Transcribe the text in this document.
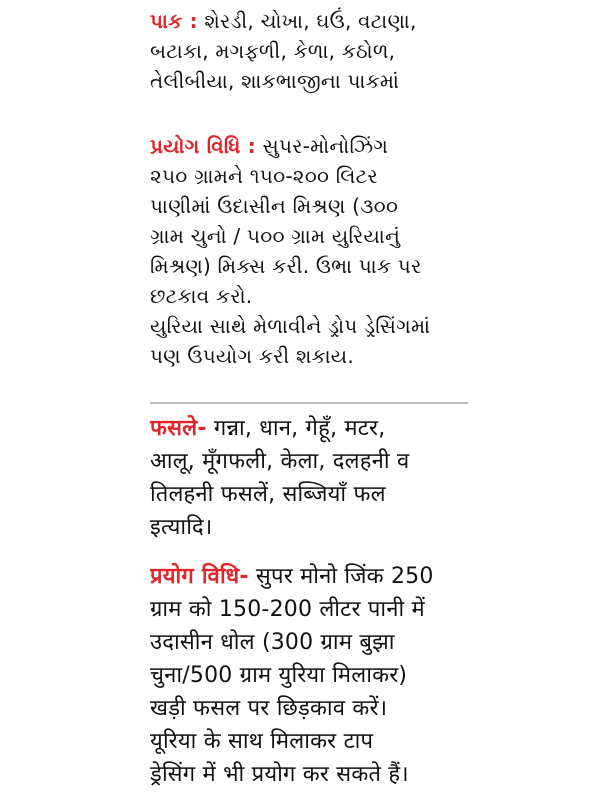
પાક : શેરડી, ચોખા, ઘઉં, વટાણા,
બટાકા, મગફળી, કેળા, કઠોળ,
તેલીબીયા, શાકભાજીના પાકમાં
પ્રયોગ વિધિ : સુપર-મોનોઝિંગ
૨૫૦ ગ્રામને ૧૫૦-૨૦૦ લિટર
પાણીમાં ઉદાસીન મિશ્રણ (૩૦૦
ગ્રામ ચુનો / ૫૦૦ ગ્રામ યુરિયાનું
મિશ્રણ) મિક્સ કરી. ઉભા પાક પર
છટકાવ કરો.
યુરિયા સાથે મેળાવીને ડ્રોપ ડ્રેસિંગમાં
પણ ઉપયોગ કરી શકાય.
फसले- गन्ना, धान, गेहूँ, मटर,
आलू, मूँगफली, केला, दलहनी व
तिलहनी फसलें, सब्जियाँ फल
इत्यादि।
प्रयोग विधि- सुपर मोनो जिंक 250
ग्राम को 150-200 लीटर पानी में
उदासीन धोल (300 ग्राम बुझा
चुना/500 ग्राम युरिया मिलाकर)
खड़ी फसल पर छिड़काव करें।
यूरिया के साथ मिलाकर टाप
ड्रेसिंग में भी प्रयोग कर सकते हैं।
